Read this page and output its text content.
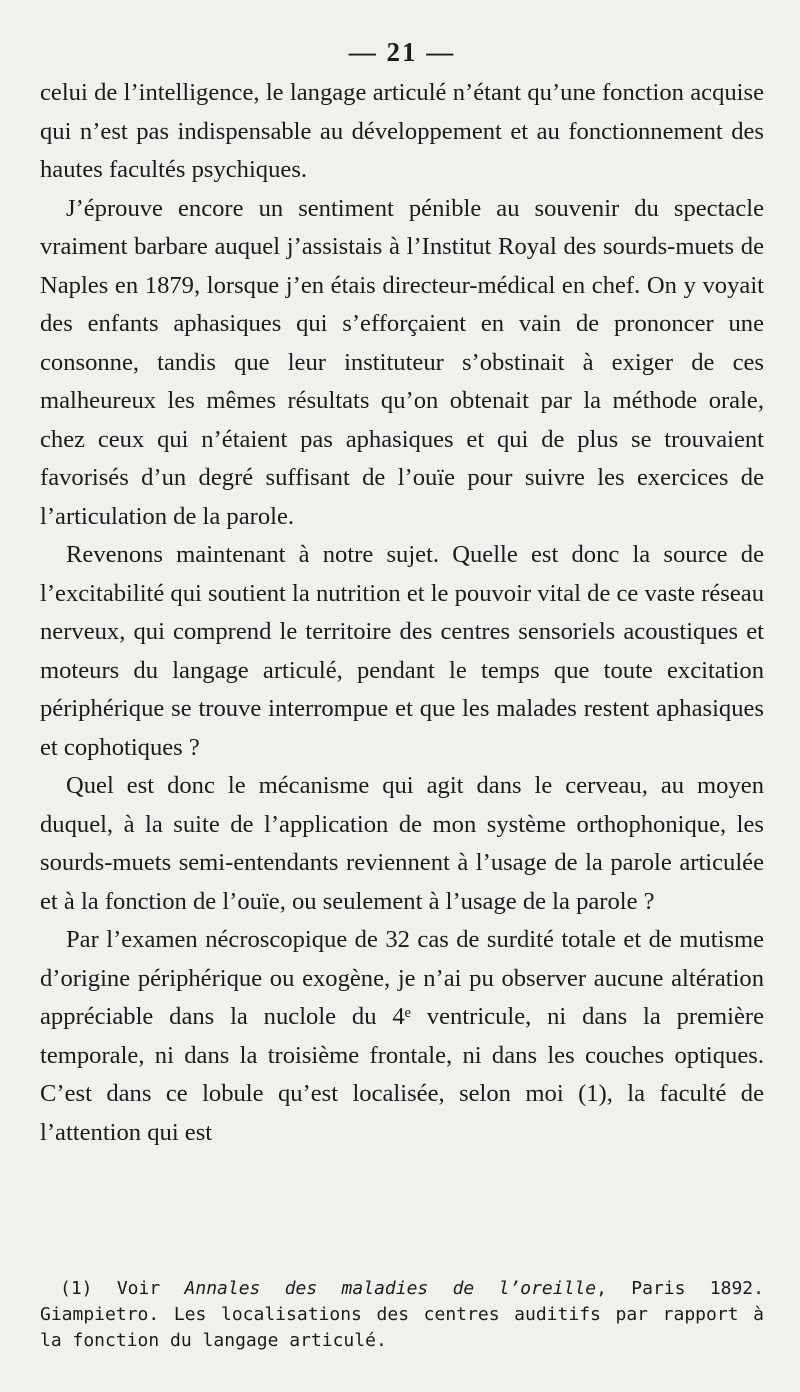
— 21 —

celui de l’intelligence, le langage articulé n’étant qu’une fonction acquise qui n’est pas indispensable au développement et au fonctionnement des hautes facultés psychiques.

J’éprouve encore un sentiment pénible au souvenir du spectacle vraiment barbare auquel j’assistais à l’Institut Royal des sourds-muets de Naples en 1879, lorsque j’en étais directeur-médical en chef. On y voyait des enfants aphasiques qui s’efforçaient en vain de prononcer une consonne, tandis que leur instituteur s’obstinait à exiger de ces malheureux les mêmes résultats qu’on obtenait par la méthode orale, chez ceux qui n’étaient pas aphasiques et qui de plus se trouvaient favorisés d’un degré suffisant de l’ouïe pour suivre les exercices de l’articulation de la parole.

Revenons maintenant à notre sujet. Quelle est donc la source de l’excitabilité qui soutient la nutrition et le pouvoir vital de ce vaste réseau nerveux, qui comprend le territoire des centres sensoriels acoustiques et moteurs du langage articulé, pendant le temps que toute excitation périphérique se trouve interrompue et que les malades restent aphasiques et cophotiques ?

Quel est donc le mécanisme qui agit dans le cerveau, au moyen duquel, à la suite de l’application de mon système orthophonique, les sourds-muets semi-entendants reviennent à l’usage de la parole articulée et à la fonction de l’ouïe, ou seulement à l’usage de la parole ?

Par l’examen nécroscopique de 32 cas de surdité totale et de mutisme d’origine périphérique ou exogène, je n’ai pu observer aucune altération appréciable dans la nuclole du 4ᵉ ventricule, ni dans la première temporale, ni dans la troisième frontale, ni dans les couches optiques. C’est dans ce lobule qu’est localisée, selon moi (1), la faculté de l’attention qui est

(1) Voir Annales des maladies de l’oreille, Paris 1892. Giampietro. Les localisations des centres auditifs par rapport à la fonction du langage articulé.
